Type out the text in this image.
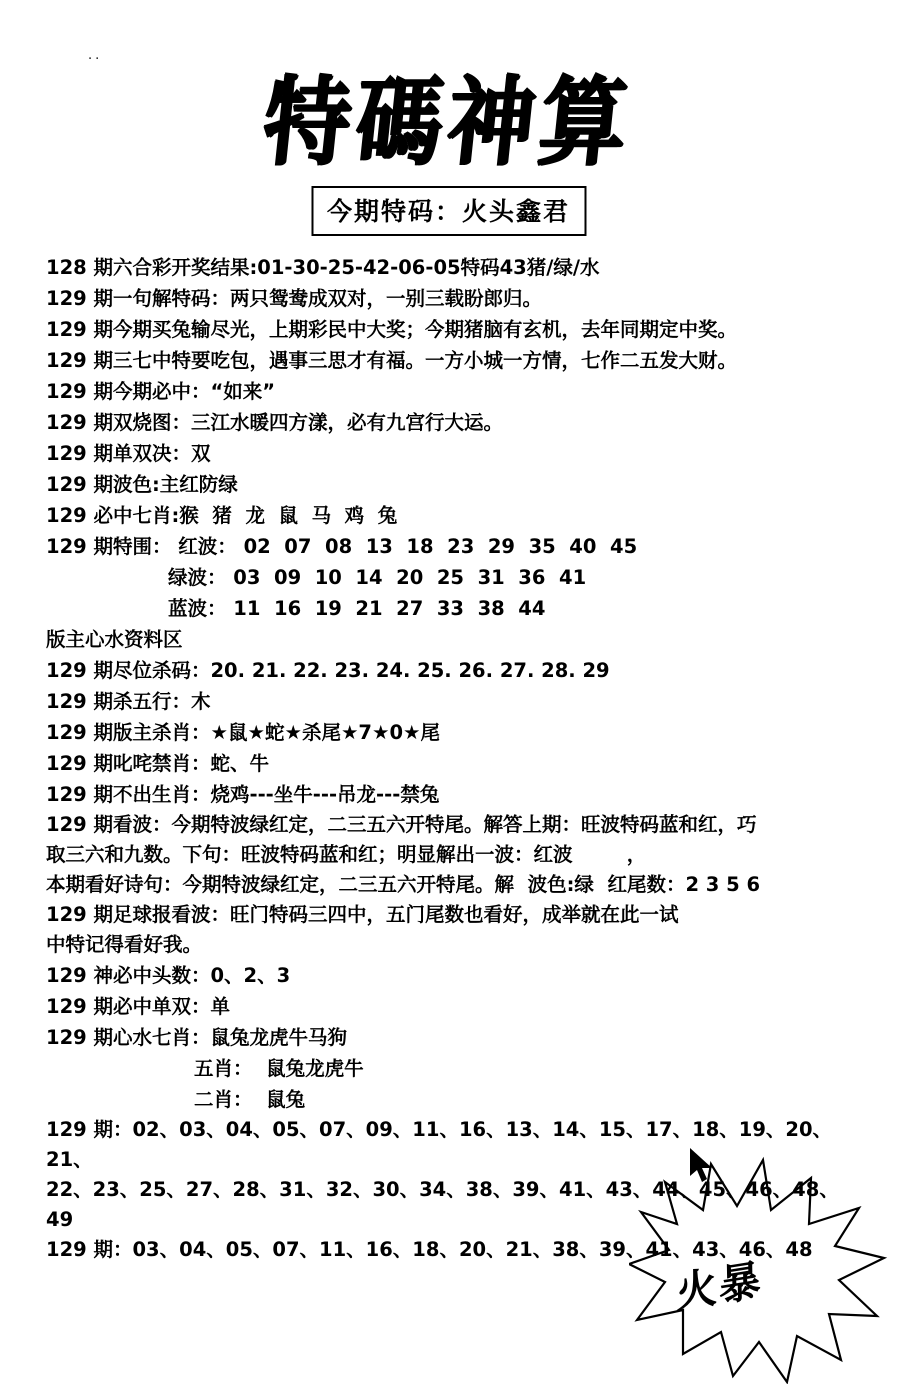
..
特碼神算
今期特码：火头鑫君
128 期六合彩开奖结果:01-30-25-42-06-05特码43猪/绿/水
129 期一句解特码：两只鸳鸯成双对，一别三载盼郎归。
129 期今期买兔输尽光，上期彩民中大奖；今期猪脑有玄机，去年同期定中奖。
129 期三七中特要吃包，遇事三思才有福。一方小城一方情，七作二五发大财。
129 期今期必中：“如来”
129 期双烧图：三江水暖四方漾，必有九宫行大运。
129 期单双决：双
129 期波色:主红防绿
129 必中七肖:猴  猪  龙  鼠  马  鸡  兔
129 期特围： 红波： 02  07  08  13  18  23  29  35  40  45
绿波： 03  09  10  14  20  25  31  36  41
蓝波： 11  16  19  21  27  33  38  44
版主心水资料区
129 期尽位杀码：20. 21. 22. 23. 24. 25. 26. 27. 28. 29
129 期杀五行：木
129 期版主杀肖：★鼠★蛇★杀尾★7★0★尾
129 期叱咤禁肖：蛇、牛
129 期不出生肖：烧鸡---坐牛---吊龙---禁兔
129 期看波：今期特波绿红定，二三五六开特尾。解答上期：旺波特码蓝和红，巧
取三六和九数。下句：旺波特码蓝和红；明显解出一波：红波        ，
本期看好诗句：今期特波绿红定，二三五六开特尾。解  波色:绿  红尾数：2 3 5 6
129 期足球报看波：旺门特码三四中，五门尾数也看好，成举就在此一试
中特记得看好我。
129 神必中头数：0、2、3
129 期必中单双：单
129 期心水七肖：鼠兔龙虎牛马狗
五肖：  鼠兔龙虎牛
二肖：  鼠兔
129 期：02、03、04、05、07、09、11、16、13、14、15、17、18、19、20、21、
22、23、25、27、28、31、32、30、34、38、39、41、43、44、45、46、48、49
129 期：03、04、05、07、11、16、18、20、21、38、39、41、43、46、48
火暴
